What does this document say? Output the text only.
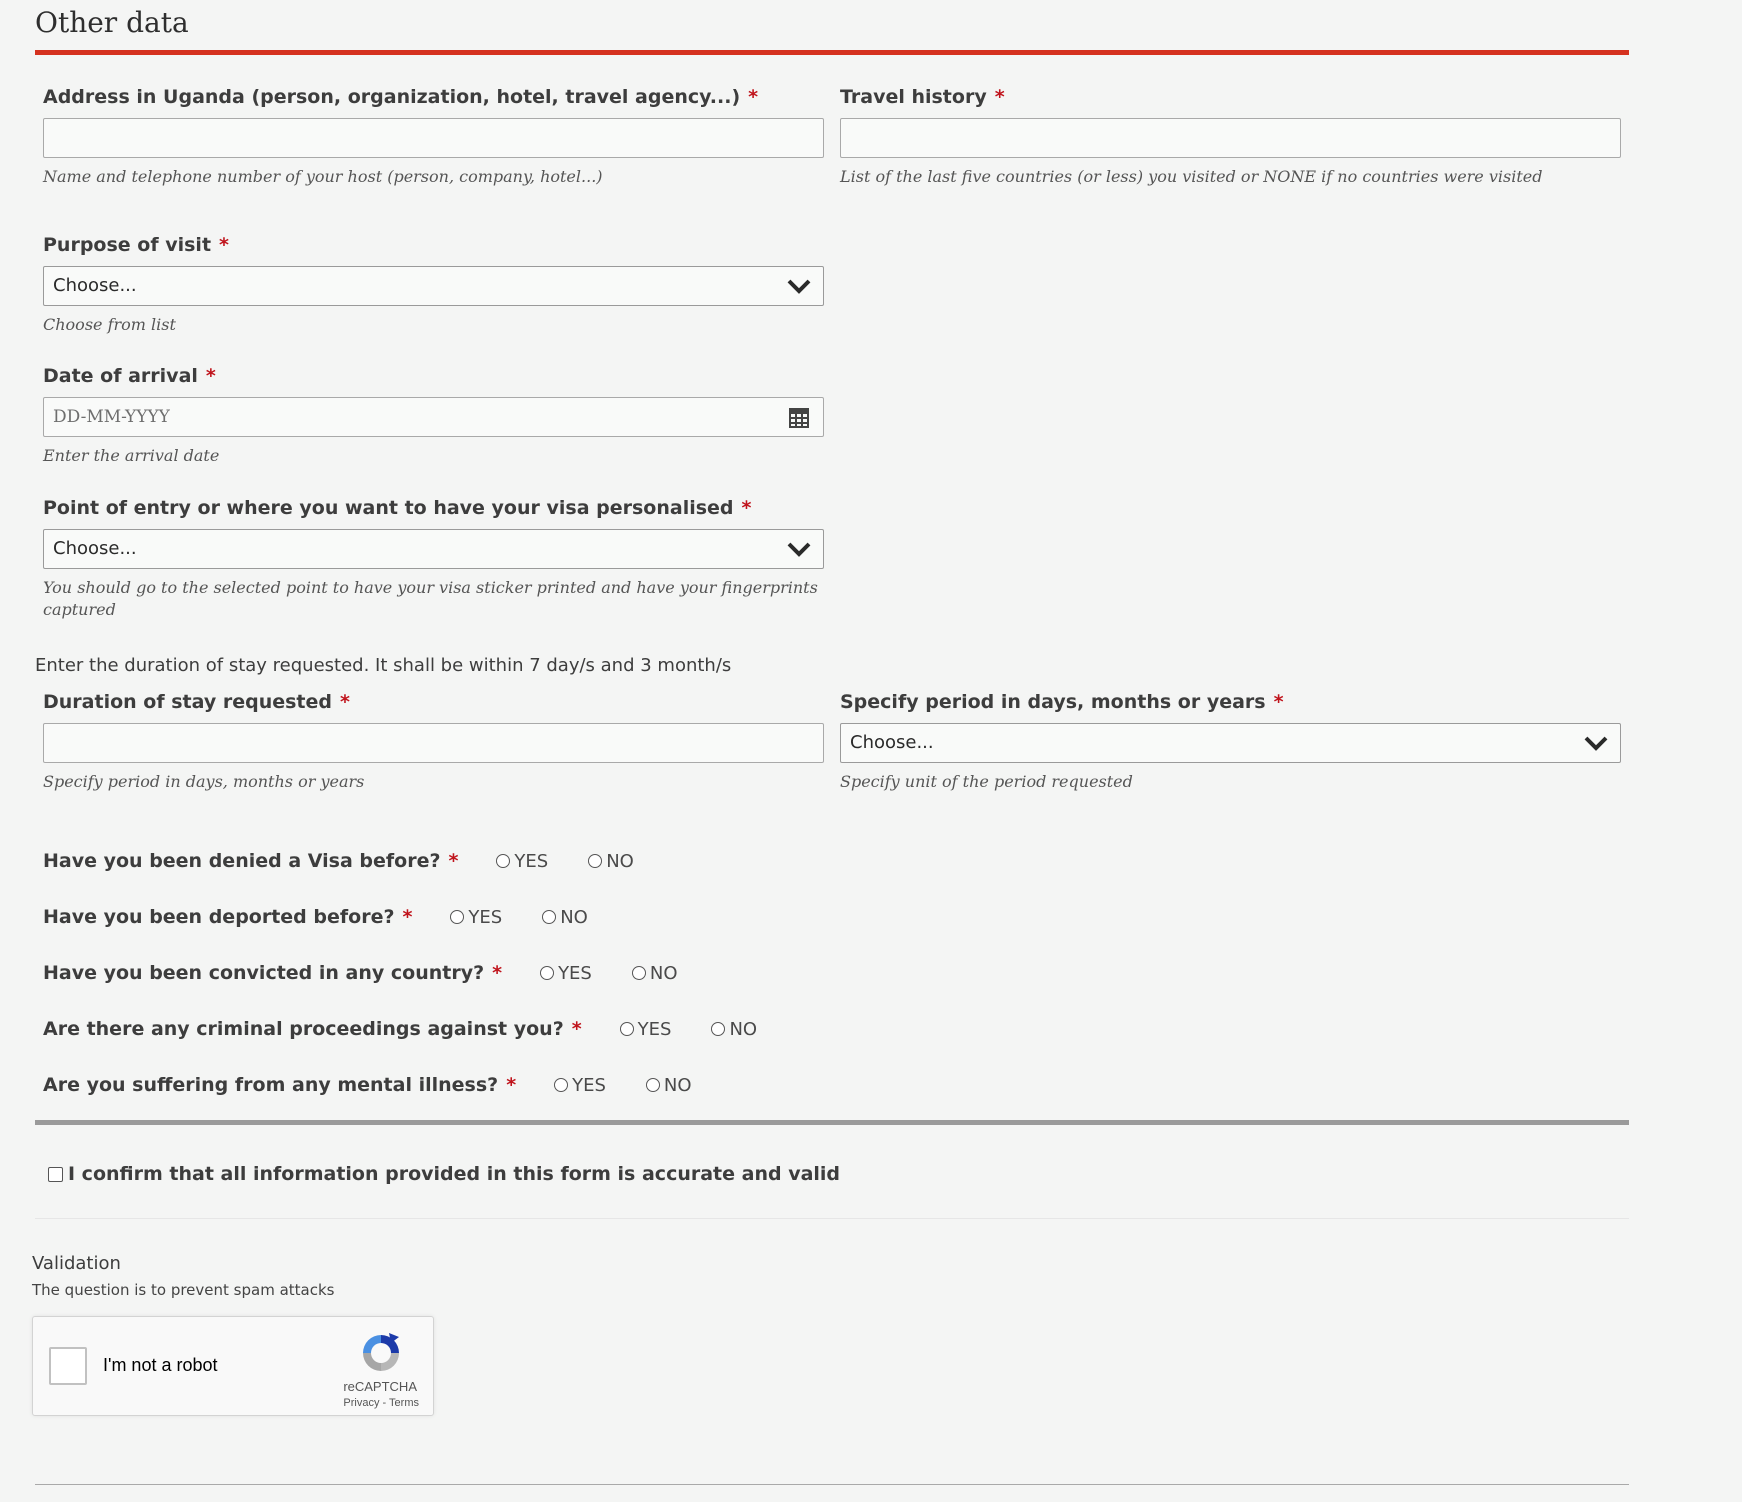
Other data
Address in Uganda (person, organization, hotel, travel agency...) *
Name and telephone number of your host (person, company, hotel...)
Travel history *
List of the last five countries (or less) you visited or NONE if no countries were visited
Purpose of visit *
Choose...
Choose from list
Date of arrival *
DD-MM-YYYY
Enter the arrival date
Point of entry or where you want to have your visa personalised *
Choose...
You should go to the selected point to have your visa sticker printed and have your fingerprints captured
Enter the duration of stay requested. It shall be within 7 day/s and 3 month/s
Duration of stay requested *
Specify period in days, months or years
Specify period in days, months or years *
Choose...
Specify unit of the period requested
Have you been denied a Visa before? *	YES	NO
Have you been deported before? *	YES	NO
Have you been convicted in any country? *	YES	NO
Are there any criminal proceedings against you? *	YES	NO
Are you suffering from any mental illness? *	YES	NO
I confirm that all information provided in this form is accurate and valid
Validation
The question is to prevent spam attacks
I'm not a robot
reCAPTCHA
Privacy - Terms
